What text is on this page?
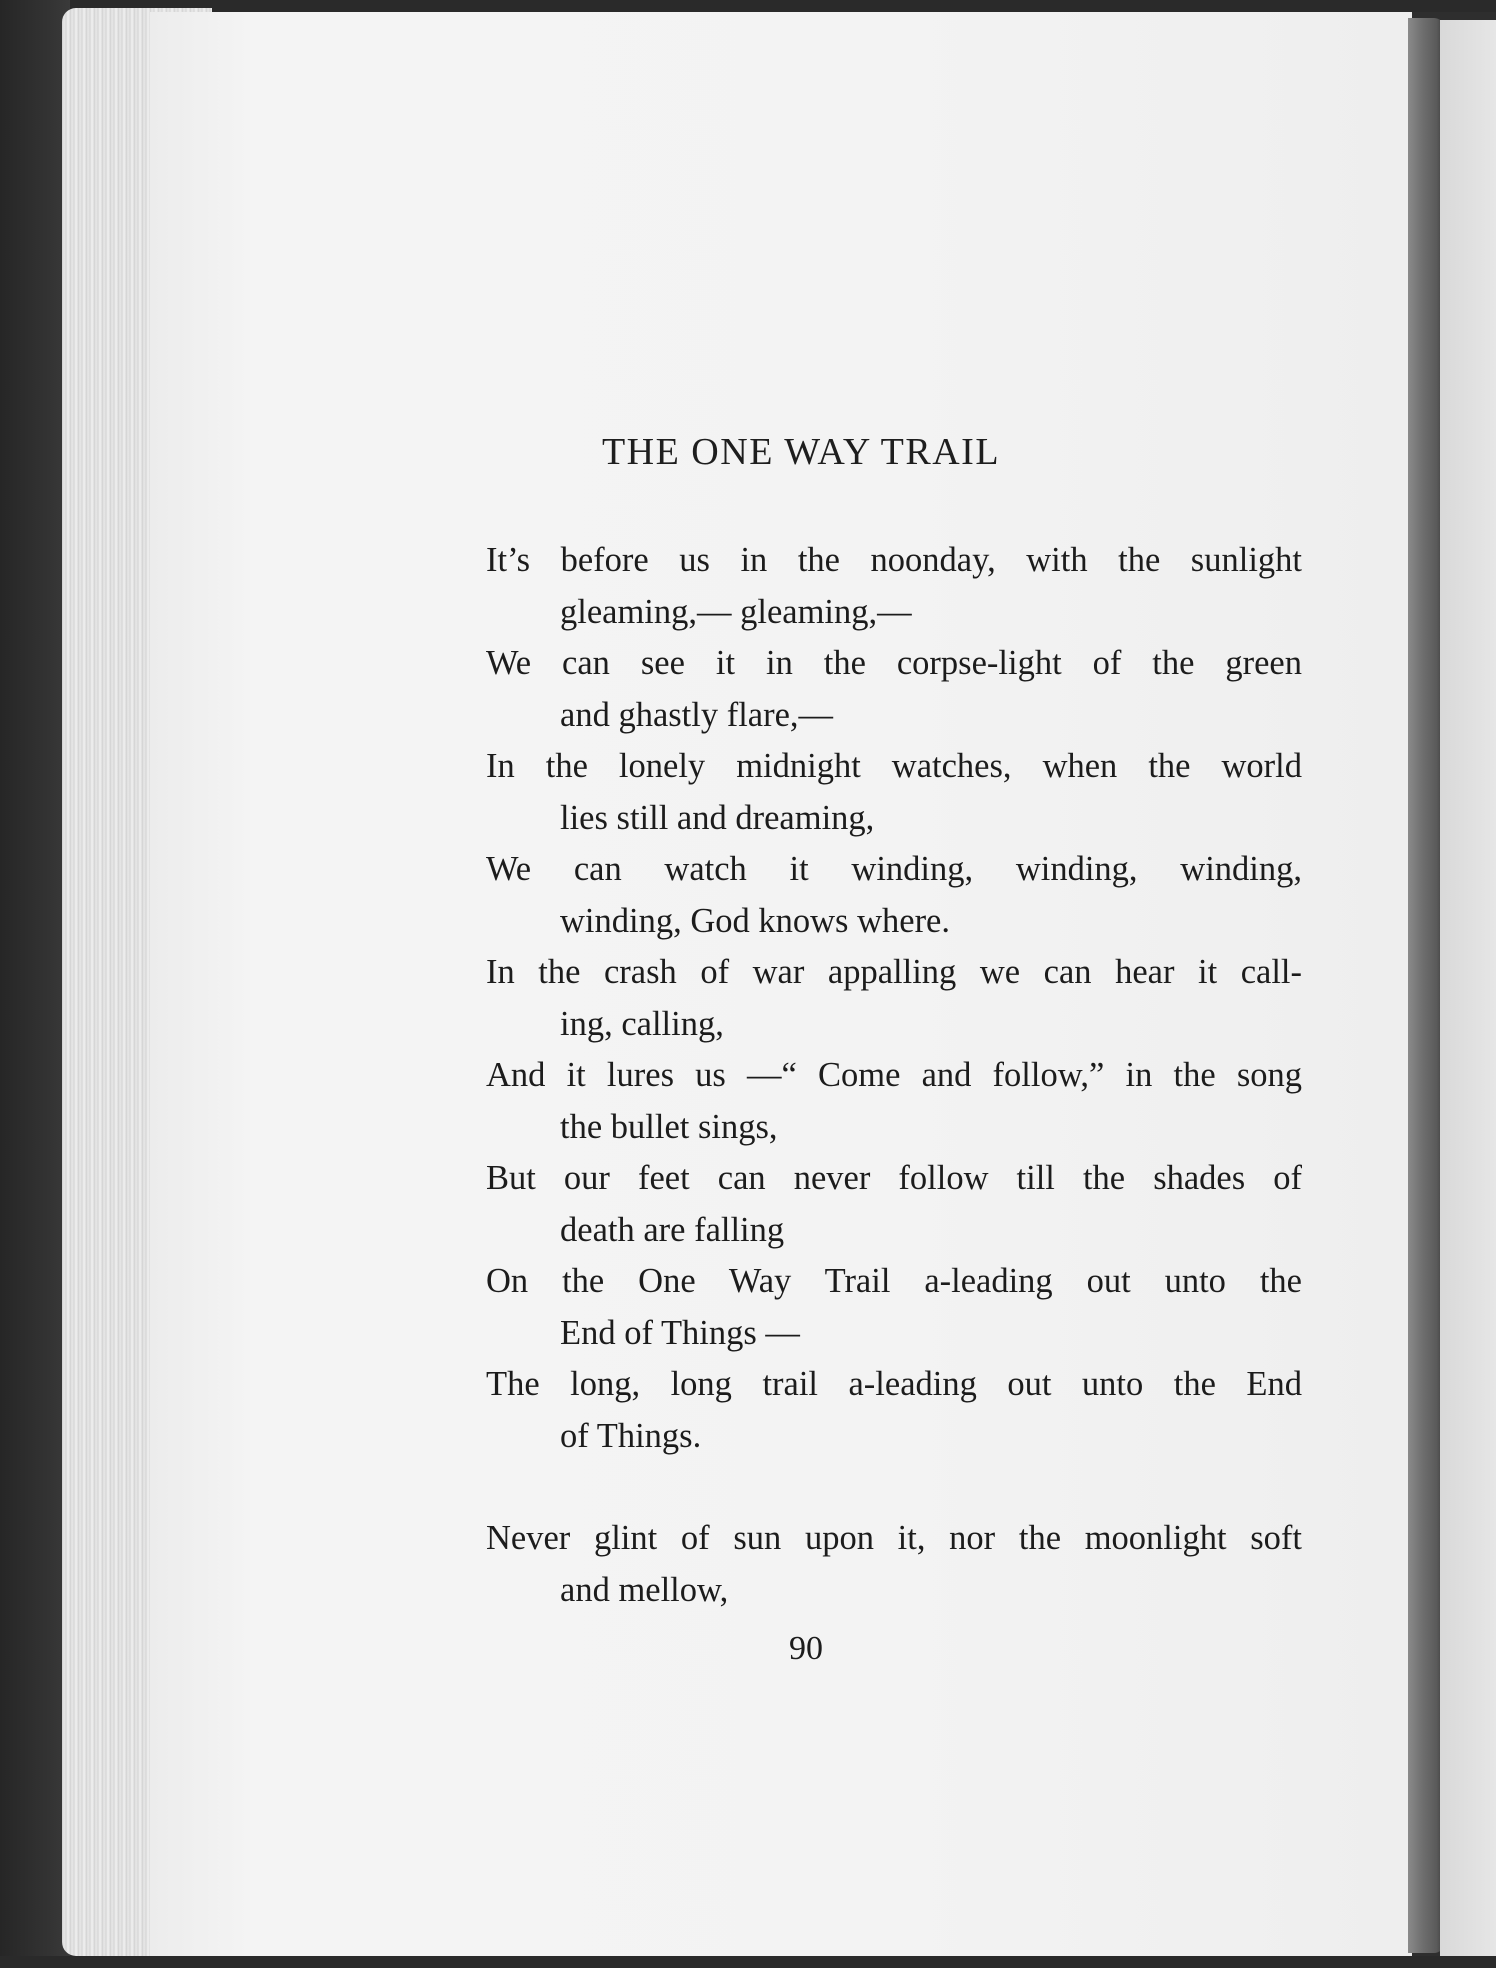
THE ONE WAY TRAIL
It’s before us in the noonday, with the sunlight
gleaming,— gleaming,—
We can see it in the corpse-light of the green
and ghastly flare,—
In the lonely midnight watches, when the world
lies still and dreaming,
We can watch it winding, winding, winding,
winding, God knows where.
In the crash of war appalling we can hear it call-
ing, calling,
And it lures us —“ Come and follow,” in the song
the bullet sings,
But our feet can never follow till the shades of
death are falling
On the One Way Trail a-leading out unto the
End of Things —
The long, long trail a-leading out unto the End
of Things.
Never glint of sun upon it, nor the moonlight soft
and mellow,
90
